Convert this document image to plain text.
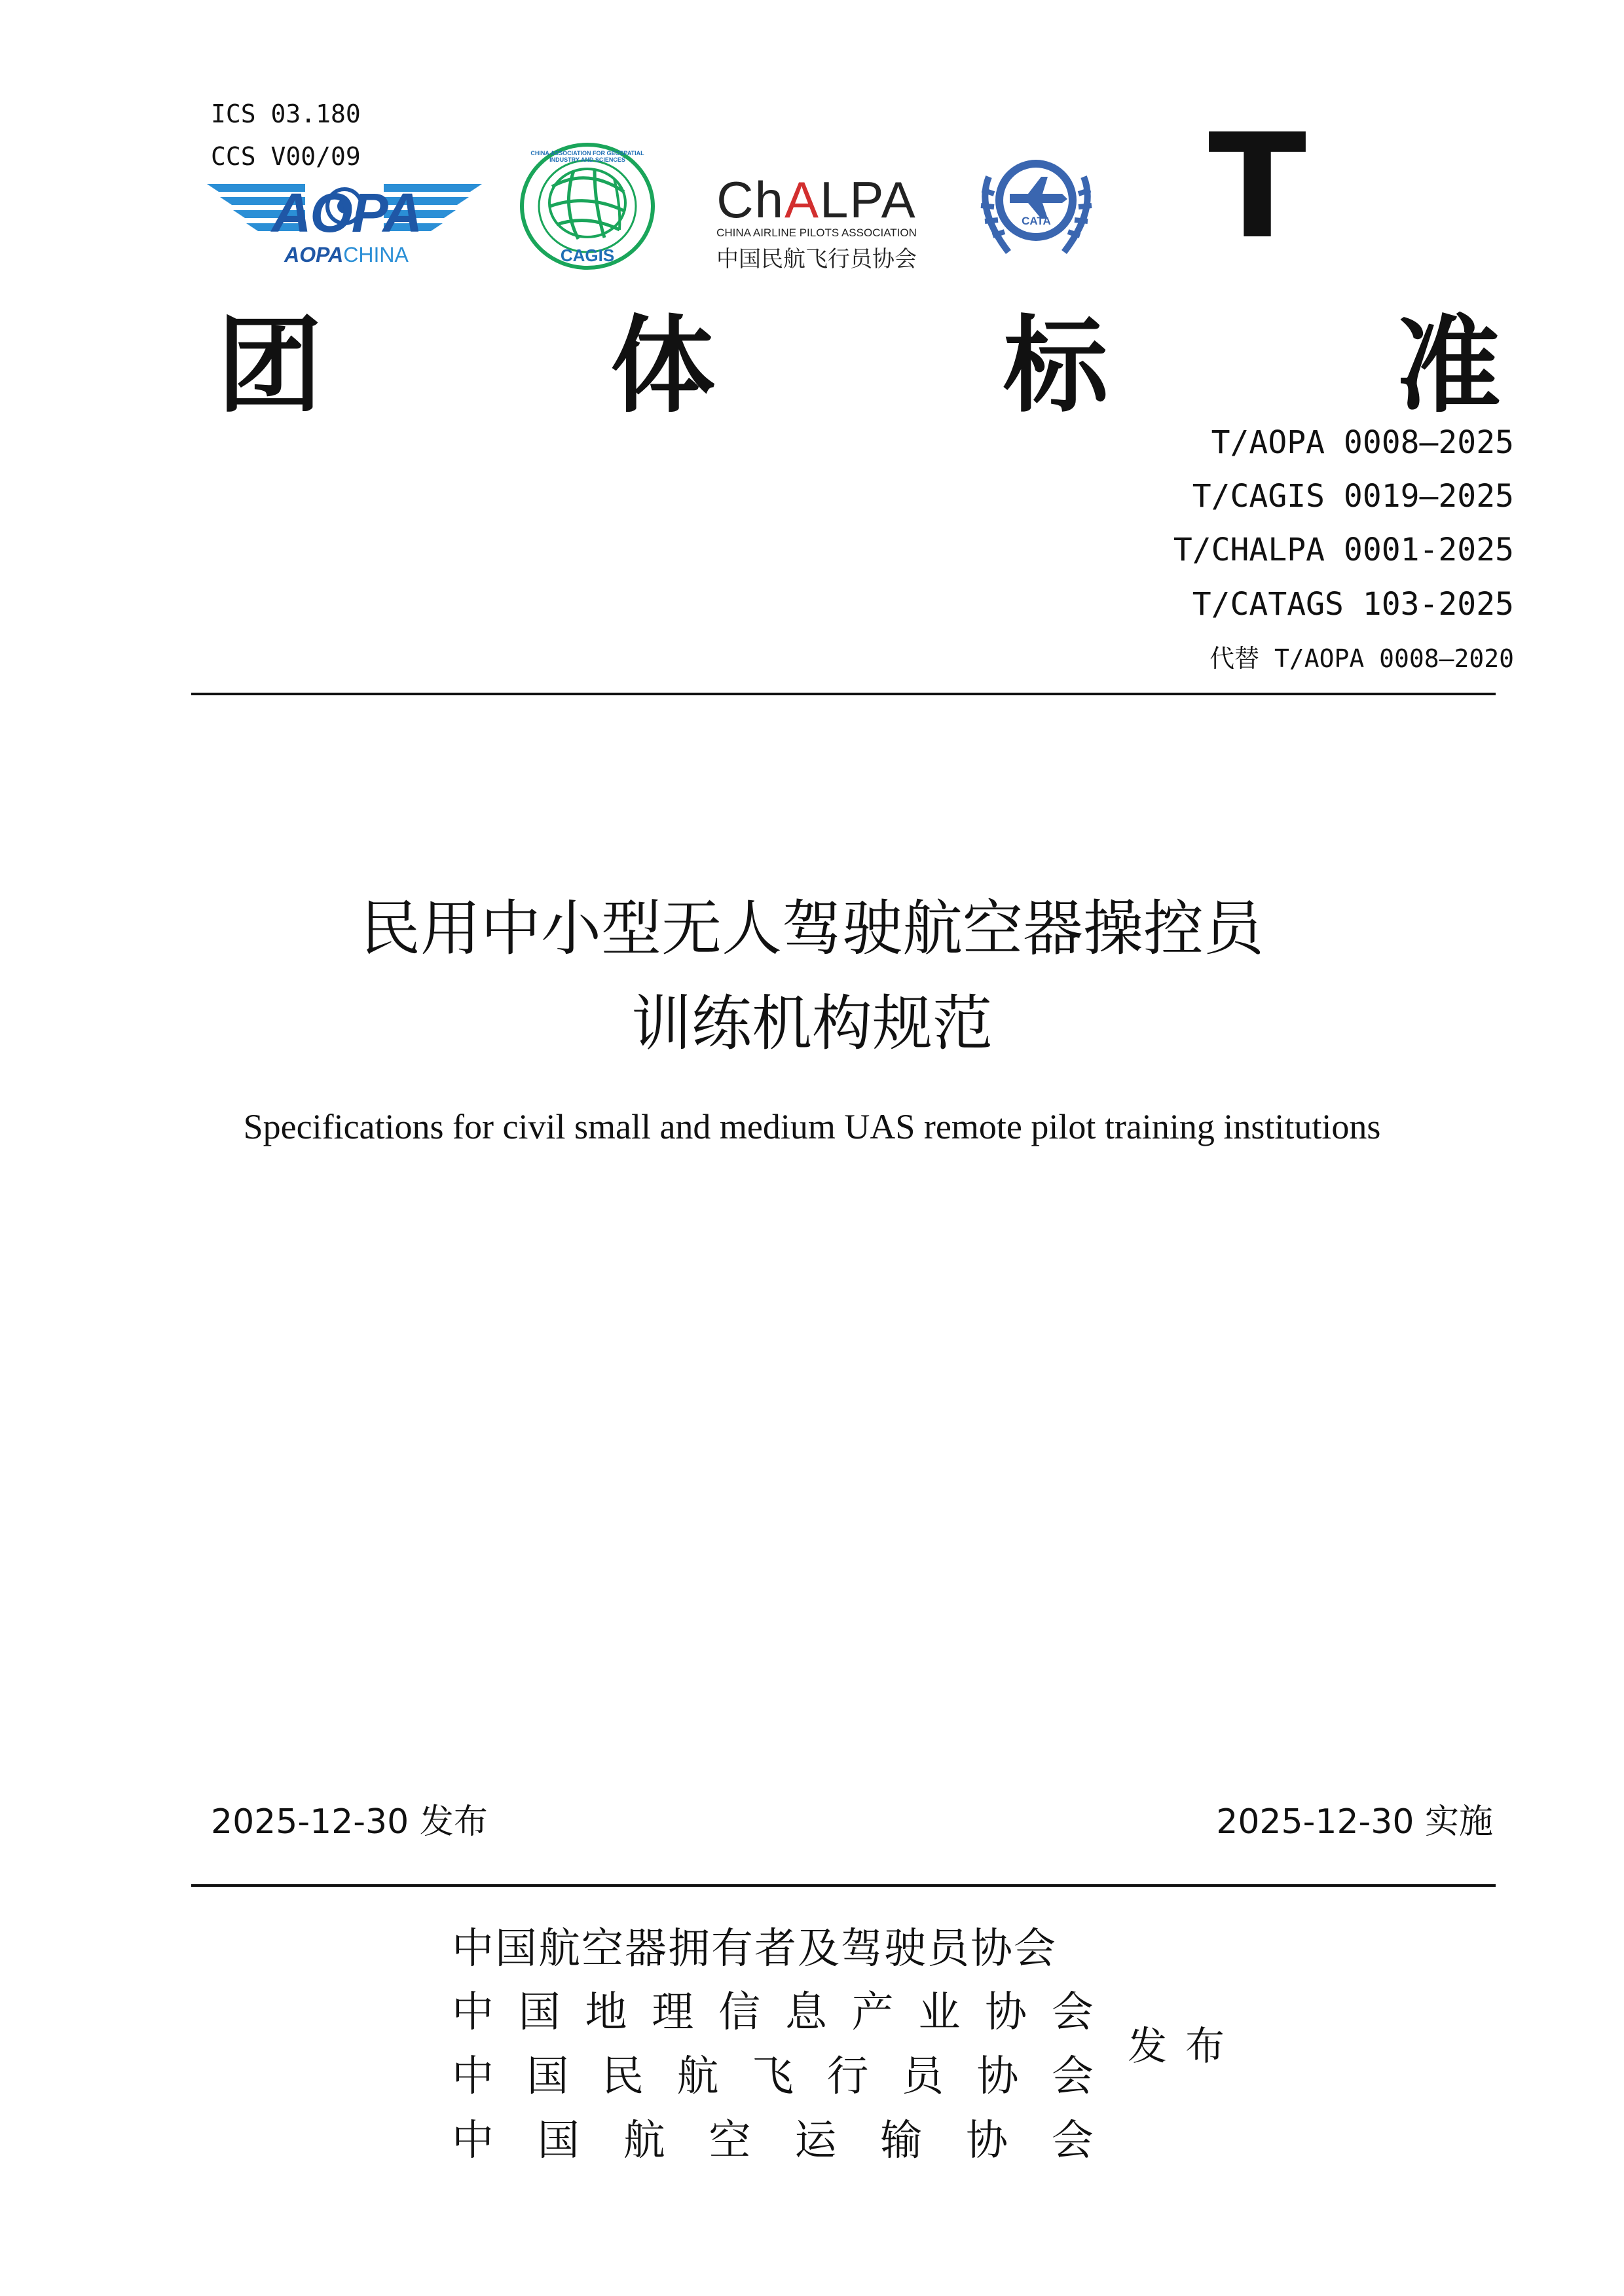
ICS 03.180
CCS V00/09
AOPA
AOPACHINA
CHINA ASSOCIATION FOR GEOSPATIAL INDUSTRY AND SCIENCES
CAGIS
ChALPA
CHINA AIRLINE PILOTS ASSOCIATION
中国民航飞行员协会
CATA	T
团	体	标	准
T/AOPA 0008—2025
T/CAGIS 0019—2025
T/CHALPA 0001-2025
T/CATAGS 103-2025
代替 T/AOPA 0008—2020
民用中小型无人驾驶航空器操控员
训练机构规范
Specifications for civil small and medium UAS remote pilot training institutions
2025-12-30 发布	2025-12-30 实施
中国航空器拥有者及驾驶员协会
中 国 地 理 信 息 产 业 协 会
中 国 民 航 飞 行 员 协 会
中 国 航 空 运 输 协 会
发布
